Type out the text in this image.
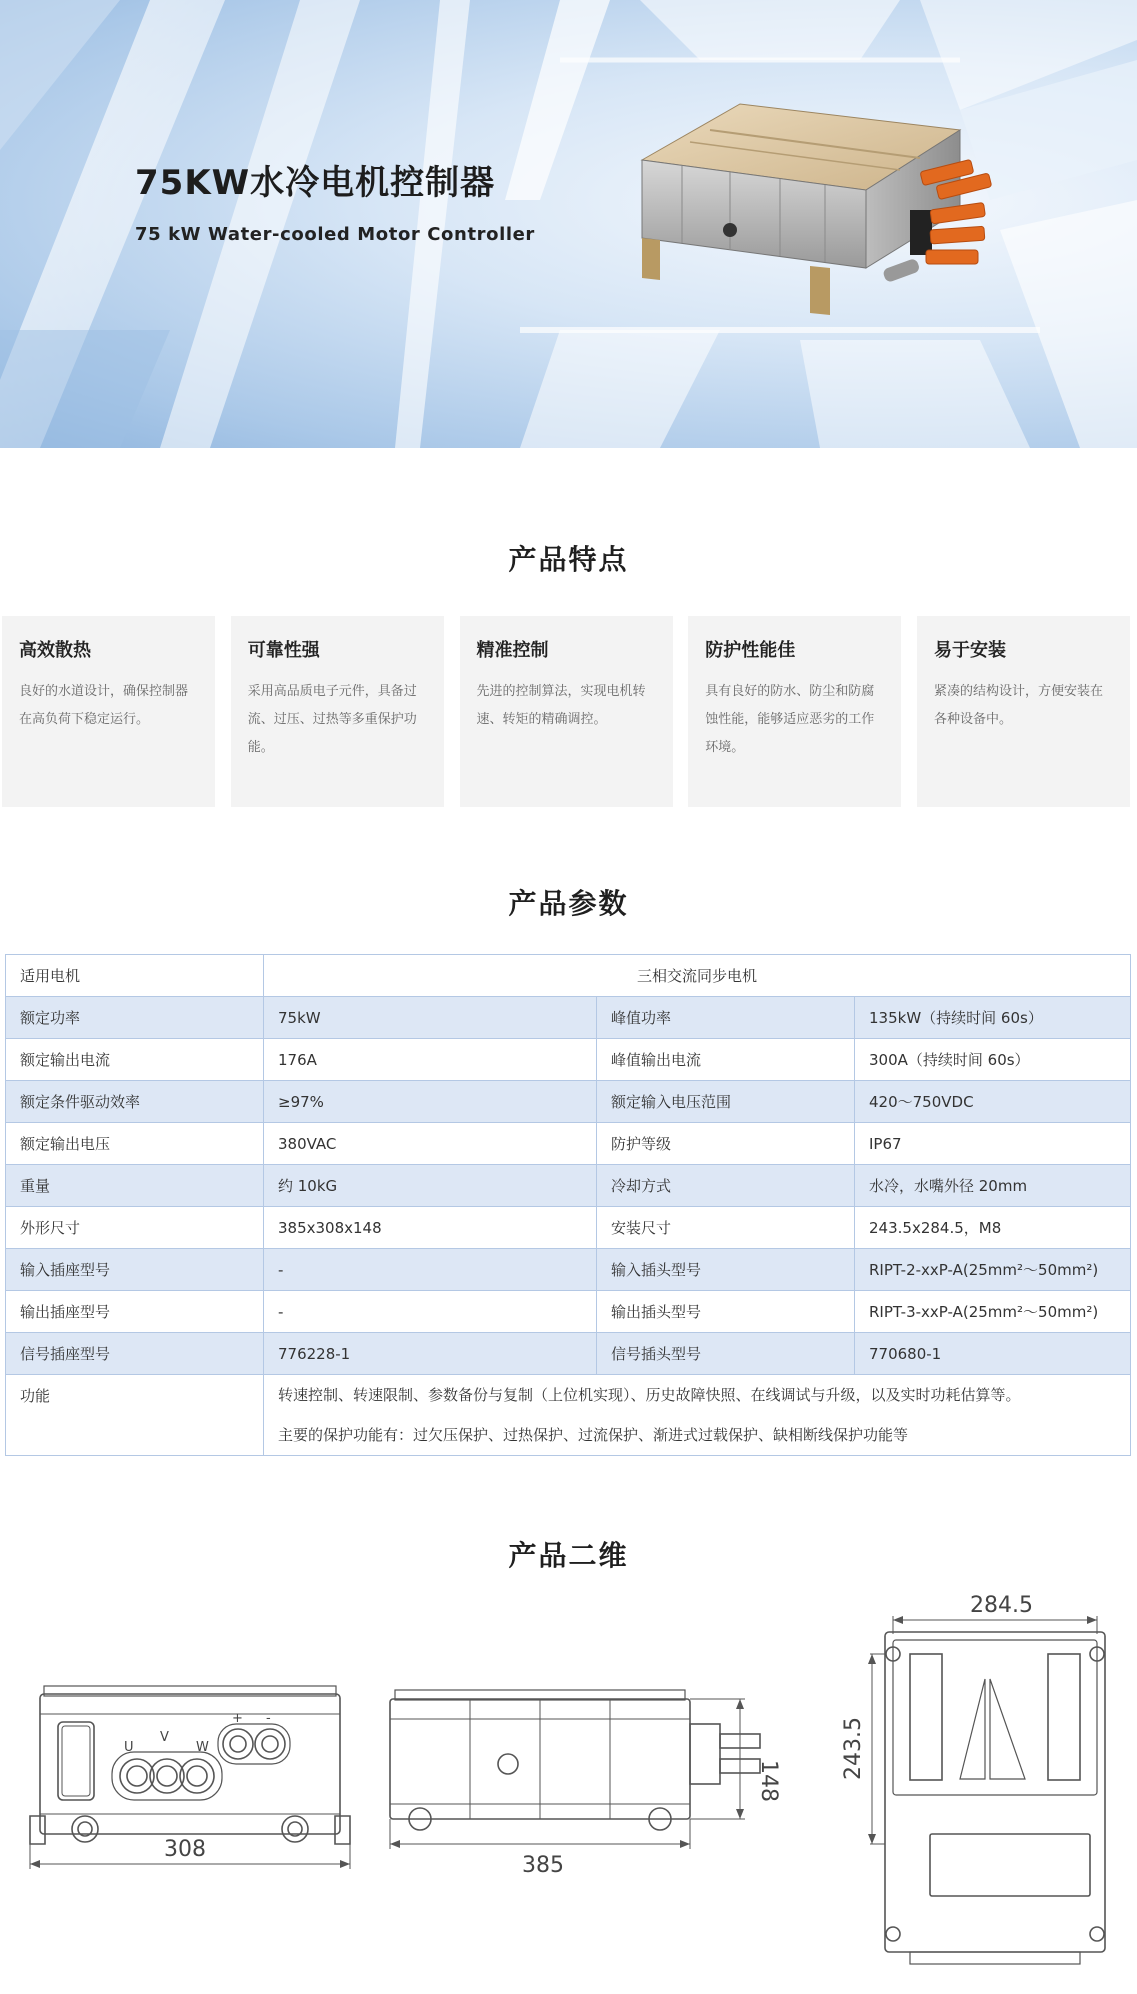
75KW水冷电机控制器
75 kW Water-cooled Motor Controller
产品特点
高效散热

良好的水道设计，确保控制器在高负荷下稳定运行。

可靠性强

采用高品质电子元件，具备过流、过压、过热等多重保护功能。

精准控制

先进的控制算法，实现电机转速、转矩的精确调控。

防护性能佳

具有良好的防水、防尘和防腐蚀性能，能够适应恶劣的工作环境。

易于安装

紧凑的结构设计，方便安装在各种设备中。

产品参数
适用电机	三相交流同步电机		
额定功率	75kW	峰值功率	135kW（持续时间 60s）
额定输出电流	176A	峰值输出电流	300A（持续时间 60s）
额定条件驱动效率	≥97%	额定输入电压范围	420～750VDC
额定输出电压	380VAC	防护等级	IP67
重量	约 10kG	冷却方式	水冷，水嘴外径 20mm
外形尺寸	385x308x148	安装尺寸	243.5x284.5，M8
输入插座型号	-	输入插头型号	RIPT-2-xxP-A(25mm²～50mm²)
输出插座型号	-	输出插头型号	RIPT-3-xxP-A(25mm²～50mm²)
信号插座型号	776228-1	信号插头型号	770680-1
功能	转速控制、转速限制、参数备份与复制（上位机实现）、历史故障快照、在线调试与升级，以及实时功耗估算等。
主要的保护功能有：过欠压保护、过热保护、过流保护、渐进式过载保护、缺相断线保护功能等		
产品二维
308
U
V
W
+ -
385
148
284.5
243.5
